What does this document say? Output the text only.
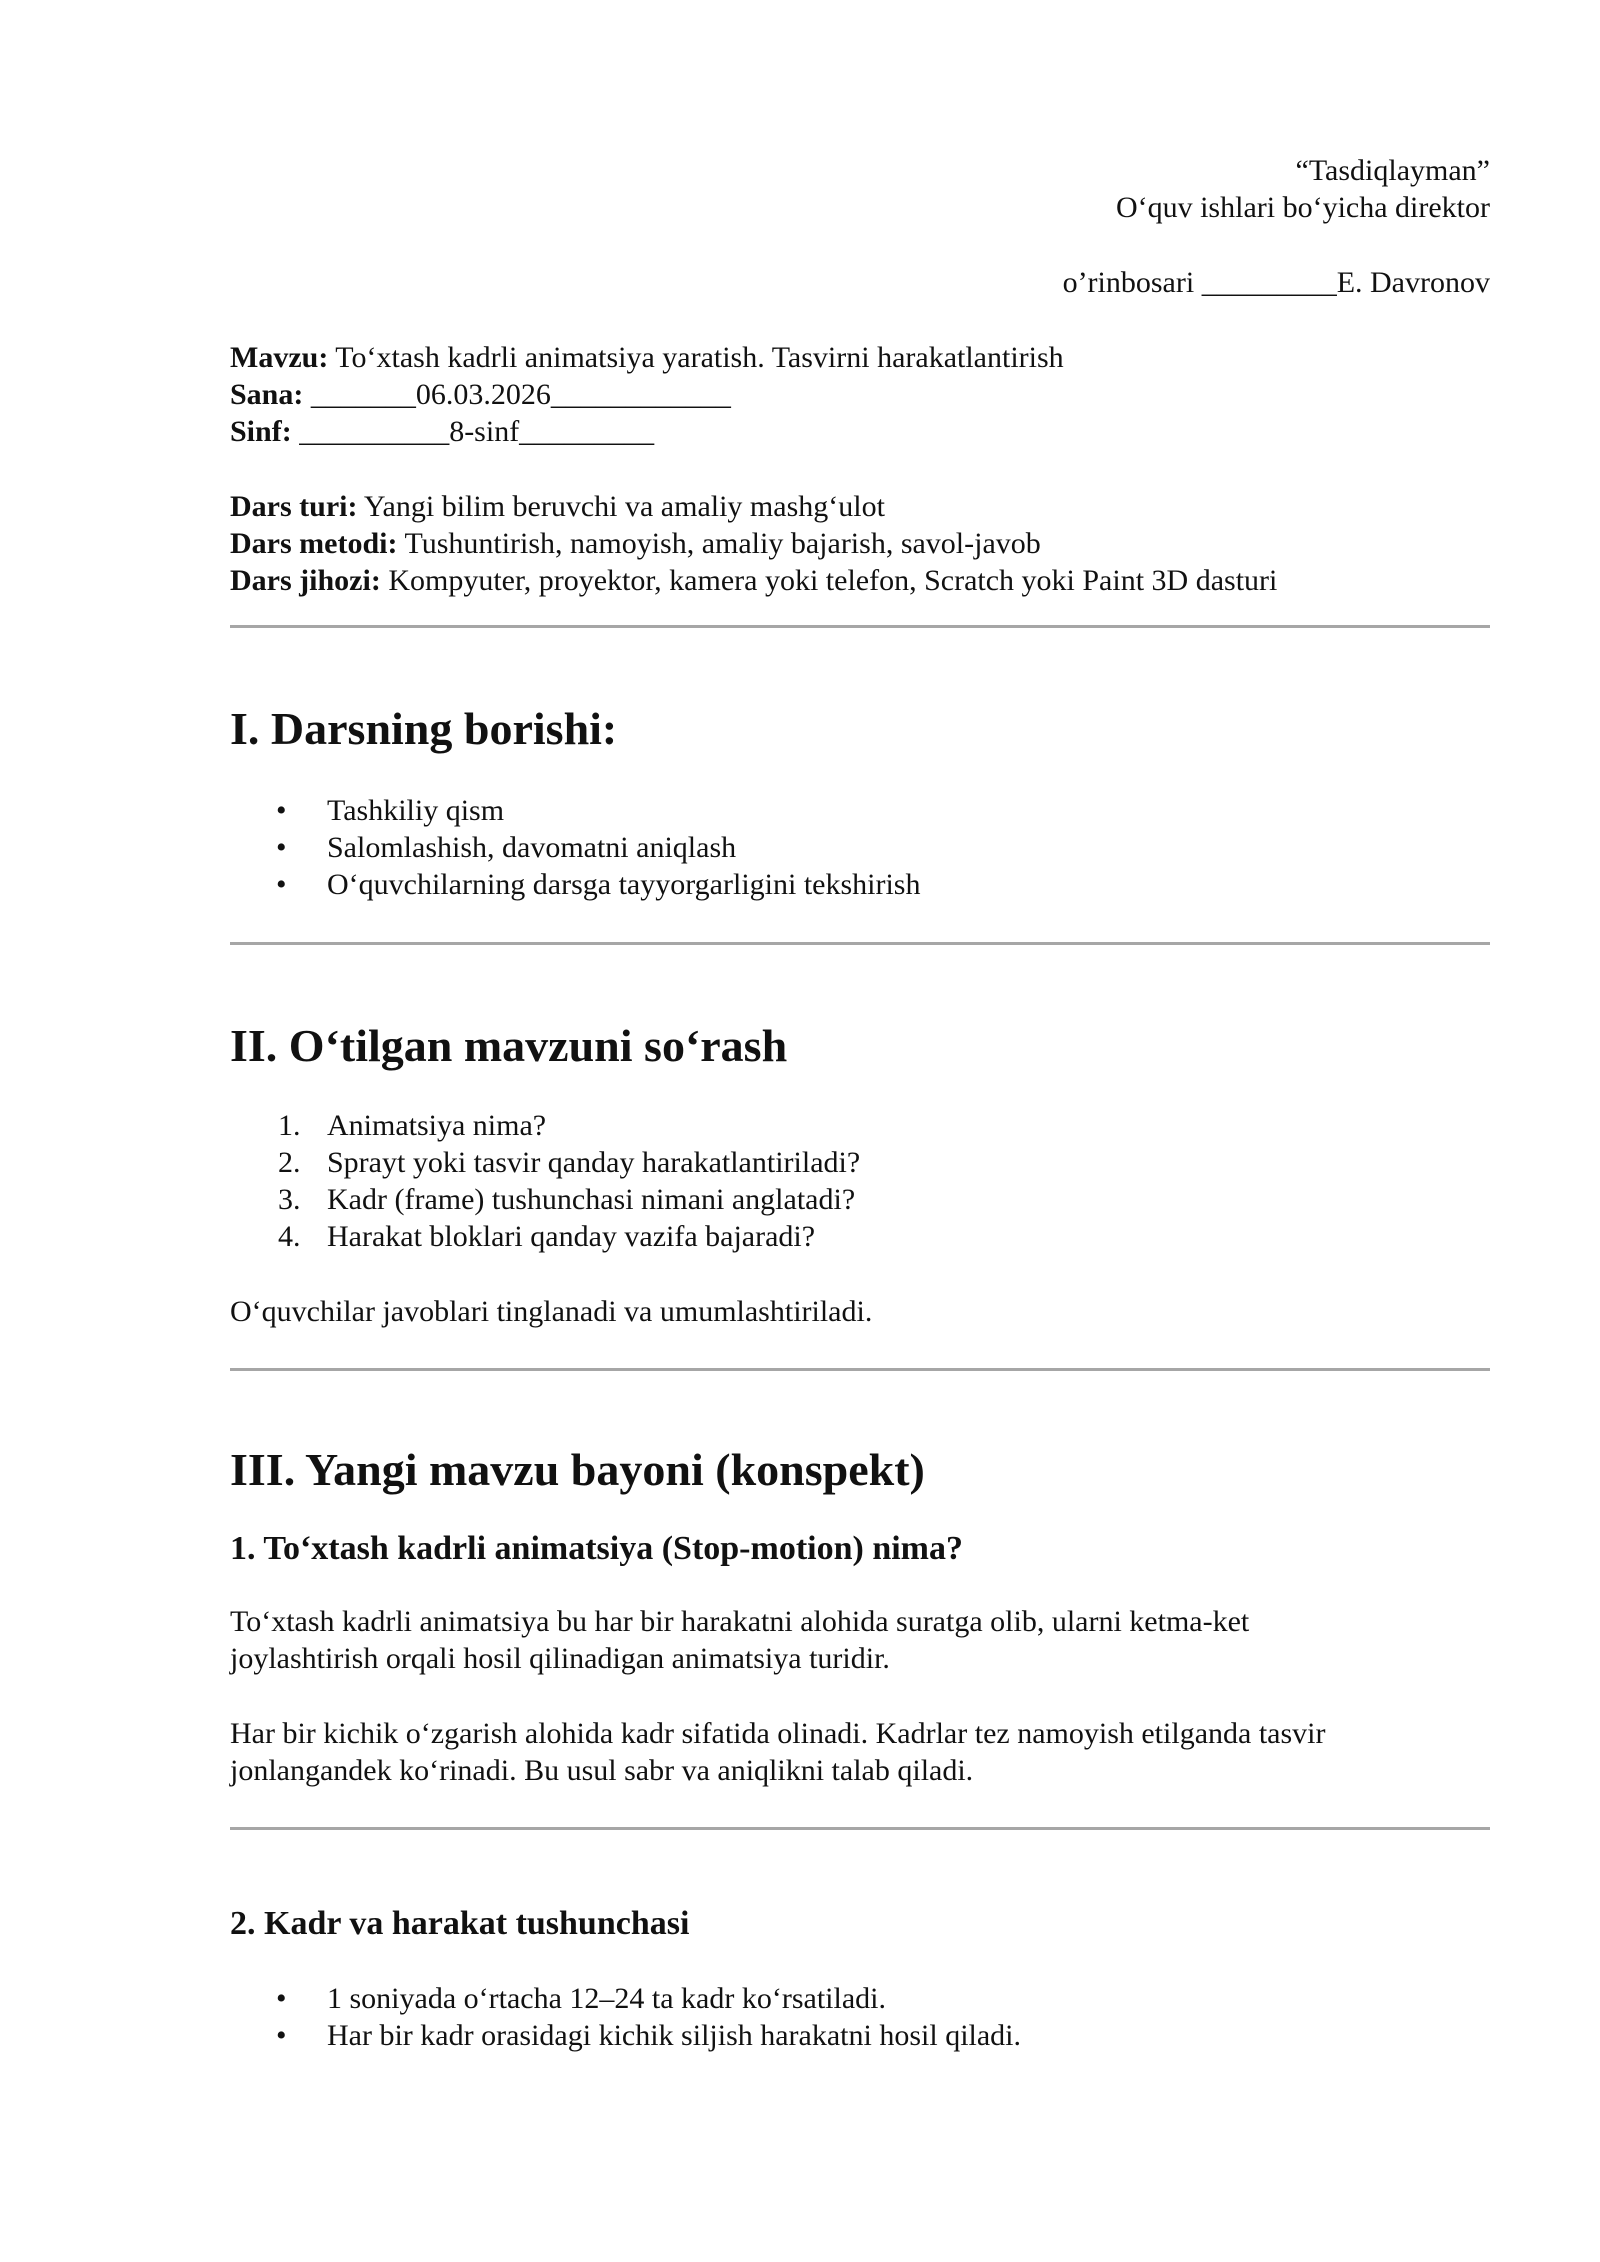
“Tasdiqlayman”
O‘quv ishlari bo‘yicha direktor
o’rinbosari _________E. Davronov
Mavzu: To‘xtash kadrli animatsiya yaratish. Tasvirni harakatlantirish
Sana: _______06.03.2026____________
Sinf: __________8-sinf_________
Dars turi: Yangi bilim beruvchi va amaliy mashg‘ulot
Dars metodi: Tushuntirish, namoyish, amaliy bajarish, savol-javob
Dars jihozi: Kompyuter, proyektor, kamera yoki telefon, Scratch yoki Paint 3D dasturi
I. Darsning borishi:
• Tashkiliy qism
• Salomlashish, davomatni aniqlash
• O‘quvchilarning darsga tayyorgarligini tekshirish
II. O‘tilgan mavzuni so‘rash
1. Animatsiya nima?
2. Sprayt yoki tasvir qanday harakatlantiriladi?
3. Kadr (frame) tushunchasi nimani anglatadi?
4. Harakat bloklari qanday vazifa bajaradi?

O‘quvchilar javoblari tinglanadi va umumlashtiriladi.

III. Yangi mavzu bayoni (konspekt)
1. To‘xtash kadrli animatsiya (Stop-motion) nima?

To‘xtash kadrli animatsiya bu har bir harakatni alohida suratga olib, ularni ketma-ket
joylashtirish orqali hosil qilinadigan animatsiya turidir.

Har bir kichik o‘zgarish alohida kadr sifatida olinadi. Kadrlar tez namoyish etilganda tasvir
jonlangandek ko‘rinadi. Bu usul sabr va aniqlikni talab qiladi.

2. Kadr va harakat tushunchasi
• 1 soniyada o‘rtacha 12–24 ta kadr ko‘rsatiladi.
• Har bir kadr orasidagi kichik siljish harakatni hosil qiladi.
